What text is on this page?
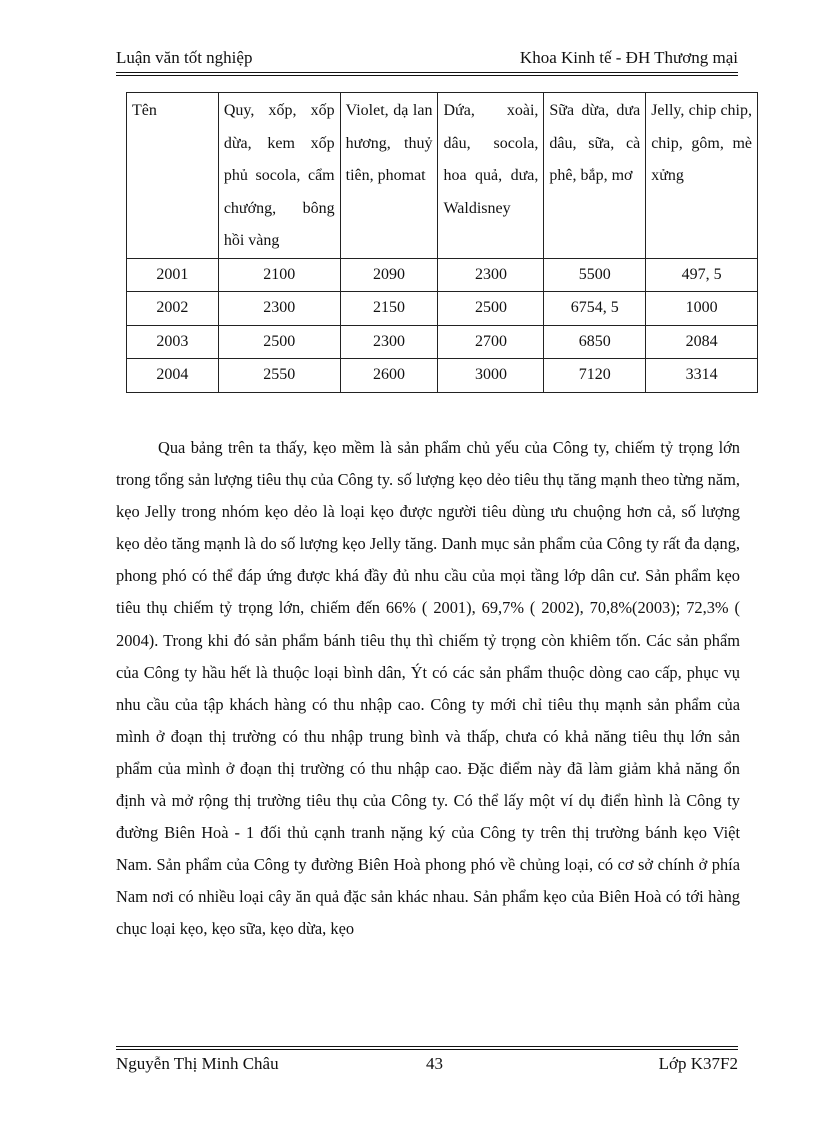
Luận văn tốt nghiệp	Khoa Kinh tế - ĐH Thương mại
Tên	Quy, xốp, xốp dừa, kem xốp phủ socola, cẩm chướng, bông hồi vàng	Violet, dạ lan hương, thuỷ tiên, phomat	Dứa, xoài, dâu, socola, hoa quả, dưa, Waldisney	Sữa dừa, dưa dâu, sữa, cà phê, bắp, mơ	Jelly, chip chip, chip, gôm, mè xửng
2001	2100	2090	2300	5500	497, 5
2002	2300	2150	2500	6754, 5	1000
2003	2500	2300	2700	6850	2084
2004	2550	2600	3000	7120	3314

Qua bảng trên ta thấy, kẹo mềm là sản phẩm chủ yếu của Công ty, chiếm tỷ trọng lớn trong tổng sản lượng tiêu thụ của Công ty. số lượng kẹo dẻo tiêu thụ tăng mạnh theo từng năm, kẹo Jelly trong nhóm kẹo dẻo là loại kẹo được người tiêu dùng ưu chuộng hơn cả, số lượng kẹo dẻo tăng mạnh là do số lượng kẹo Jelly tăng. Danh mục sản phẩm của Công ty rất đa dạng, phong phó có thể đáp ứng được khá đầy đủ nhu cầu của mọi tầng lớp dân cư. Sản phẩm kẹo tiêu thụ chiếm tỷ trọng lớn, chiếm đến 66% ( 2001), 69,7% ( 2002), 70,8%(2003); 72,3% ( 2004). Trong khi đó sản phẩm bánh tiêu thụ thì chiếm tỷ trọng còn khiêm tốn. Các sản phẩm của Công ty hầu hết là thuộc loại bình dân, Ýt có các sản phẩm thuộc dòng cao cấp, phục vụ nhu cầu của tập khách hàng có thu nhập cao. Công ty mới chỉ tiêu thụ mạnh sản phẩm của mình ở đoạn thị trường có thu nhập trung bình và thấp, chưa có khả năng tiêu thụ lớn sản phẩm của mình ở đoạn thị trường có thu nhập cao. Đặc điểm này đã làm giảm khả năng ổn định và mở rộng thị trường tiêu thụ của Công ty. Có thể lấy một ví dụ điển hình là Công ty đường Biên Hoà - 1 đối thủ cạnh tranh nặng ký của Công ty trên thị trường bánh kẹo Việt Nam. Sản phẩm của Công ty đường Biên Hoà phong phó về chủng loại, có cơ sở chính ở phía Nam nơi có nhiều loại cây ăn quả đặc sản khác nhau. Sản phẩm kẹo của Biên Hoà có tới hàng chục loại kẹo, kẹo sữa, kẹo dừa, kẹo

Nguyễn Thị Minh Châu	43	Lớp K37F2
